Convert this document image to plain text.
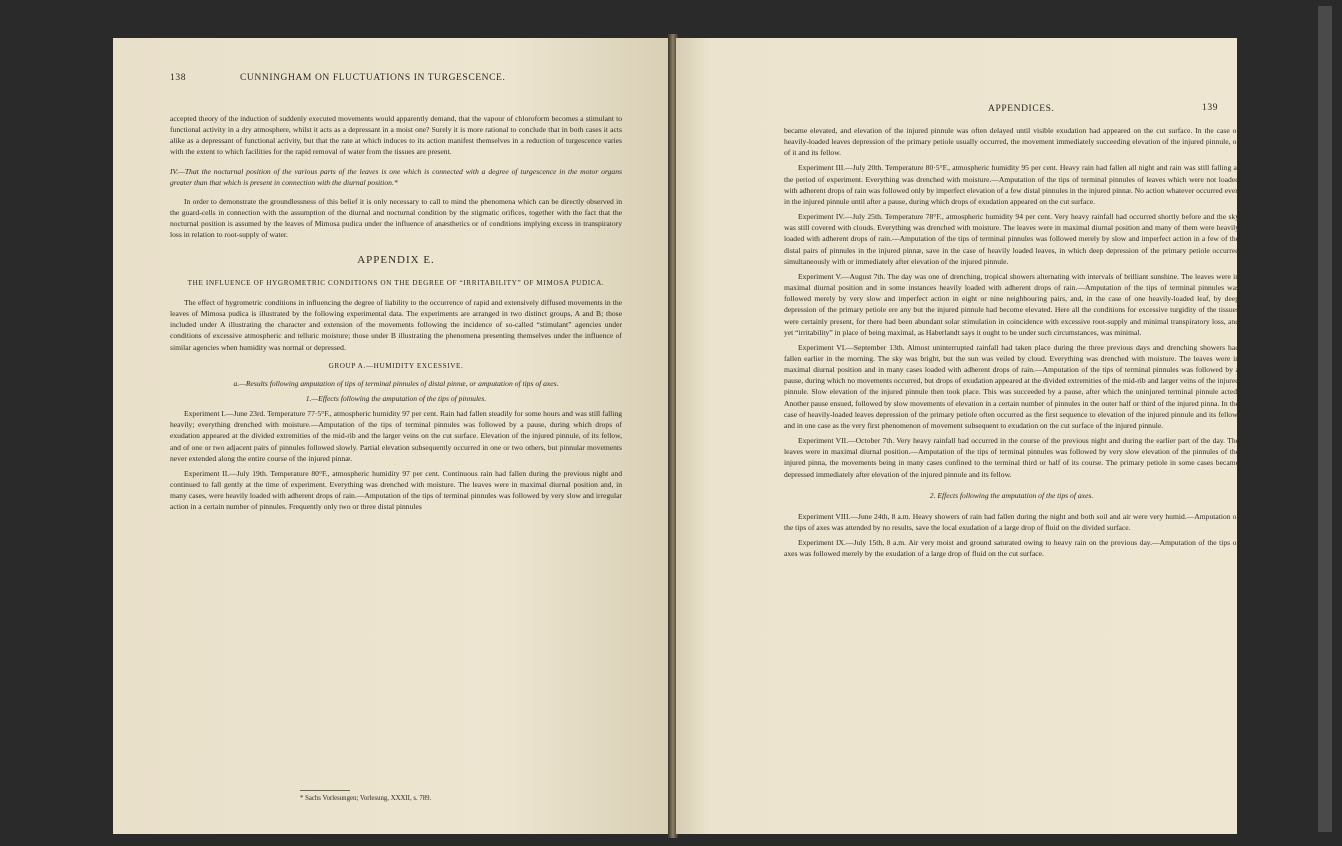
138	CUNNINGHAM ON FLUCTUATIONS IN TURGESCENCE.

accepted theory of the induction of suddenly executed movements would apparently demand, that the vapour of chloroform becomes a stimulant to functional activity in a dry atmosphere, whilst it acts as a depressant in a moist one? Surely it is more rational to conclude that in both cases it acts alike as a depressant of functional activity, but that the rate at which induces to its action manifest themselves in a reduction of turgescence varies with the extent to which facilities for the rapid removal of water from the tissues are present.

IV.—That the nocturnal position of the various parts of the leaves is one which is connected with a degree of turgescence in the motor organs greater than that which is present in connection with the diurnal position.*

In order to demonstrate the groundlessness of this belief it is only necessary to call to mind the phenomena which can be directly observed in the guard-cells in connection with the assumption of the diurnal and nocturnal condition by the stigmatic orifices, together with the fact that the nocturnal position is assumed by the leaves of Mimosa pudica under the influence of anæsthetics or of conditions implying excess in transpiratory loss in relation to root-supply of water.

APPENDIX E.
THE INFLUENCE OF HYGROMETRIC CONDITIONS ON THE DEGREE OF “IRRITABILITY” OF MIMOSA PUDICA.

The effect of hygrometric conditions in influencing the degree of liability to the occurrence of rapid and extensively diffused movements in the leaves of Mimosa pudica is illustrated by the following experimental data. The experiments are arranged in two distinct groups, A and B; those included under A illustrating the character and extension of the movements following the incidence of so-called “stimulant” agencies under conditions of excessive atmospheric and telluric moisture; those under B illustrating the phenomena presenting themselves under the influence of similar agencies when humidity was normal or depressed.

GROUP A.—HUMIDITY EXCESSIVE.

a.—Results following amputation of tips of terminal pinnules of distal pinnæ, or amputation of tips of axes.

1.—Effects following the amputation of the tips of pinnules.

Experiment I.—June 23rd. Temperature 77·5°F., atmospheric humidity 97 per cent. Rain had fallen steadily for some hours and was still falling heavily; everything drenched with moisture.—Amputation of the tips of terminal pinnules was followed by a pause, during which drops of exudation appeared at the divided extremities of the mid-rib and the larger veins on the cut surface. Elevation of the injured pinnule, of its fellow, and of one or two adjacent pairs of pinnules followed slowly. Partial elevation subsequently occurred in one or two others, but pinnular movements never extended along the entire course of the injured pinnæ.

Experiment II.—July 19th. Temperature 80°F., atmospheric humidity 97 per cent. Continuous rain had fallen during the previous night and continued to fall gently at the time of experiment. Everything was drenched with moisture. The leaves were in maximal diurnal position and, in many cases, were heavily loaded with adherent drops of rain.—Amputation of the tips of terminal pinnules was followed by very slow and irregular action in a certain number of pinnules. Frequently only two or three distal pinnules

* Sachs Vorlesungen; Vorlesung, XXXII, s. 789.
APPENDICES.	139

became elevated, and elevation of the injured pinnule was often delayed until visible exudation had appeared on the cut surface. In the case of heavily-loaded leaves depression of the primary petiole usually occurred, the movement immediately succeeding elevation of the injured pinnule, or of it and its fellow.

Experiment III.—July 20th. Temperature 80·5°F., atmospheric humidity 95 per cent. Heavy rain had fallen all night and rain was still falling at the period of experiment. Everything was drenched with moisture.—Amputation of the tips of terminal pinnules of leaves which were not loaded with adherent drops of rain was followed only by imperfect elevation of a few distal pinnules in the injured pinnæ. No action whatever occurred even in the injured pinnule until after a pause, during which drops of exudation appeared on the cut surface.

Experiment IV.—July 25th. Temperature 78°F., atmospheric humidity 94 per cent. Very heavy rainfall had occurred shortly before and the sky was still covered with clouds. Everything was drenched with moisture. The leaves were in maximal diurnal position and many of them were heavily loaded with adherent drops of rain.—Amputation of the tips of terminal pinnules was followed merely by slow and imperfect action in a few of the distal pairs of pinnules in the injured pinnæ, save in the case of heavily loaded leaves, in which deep depression of the primary petiole occurred simultaneously with or immediately after elevation of the injured pinnule.

Experiment V.—August 7th. The day was one of drenching, tropical showers alternating with intervals of brilliant sunshine. The leaves were in maximal diurnal position and in some instances heavily loaded with adherent drops of rain.—Amputation of the tips of terminal pinnules was followed merely by very slow and imperfect action in eight or nine neighbouring pairs, and, in the case of one heavily-loaded leaf, by deep depression of the primary petiole ere any but the injured pinnule had become elevated. Here all the conditions for excessive turgidity of the tissues were certainly present, for there had been abundant solar stimulation in coincidence with excessive root-supply and minimal transpiratory loss, and yet “irritability” in place of being maximal, as Haberlandt says it ought to be under such circumstances, was minimal.

Experiment VI.—September 13th. Almost uninterrupted rainfall had taken place during the three previous days and drenching showers had fallen earlier in the morning. The sky was bright, but the sun was veiled by cloud. Everything was drenched with moisture. The leaves were in maximal diurnal position and in many cases loaded with adherent drops of rain.—Amputation of the tips of terminal pinnules was followed by a pause, during which no movements occurred, but drops of exudation appeared at the divided extremities of the mid-rib and larger veins of the injured pinnule. Slow elevation of the injured pinnule then took place. This was succeeded by a pause, after which the uninjured terminal pinnule acted. Another pause ensued, followed by slow movements of elevation in a certain number of pinnules in the outer half or third of the injured pinna. In the case of heavily-loaded leaves depression of the primary petiole often occurred as the first sequence to elevation of the injured pinnule and its fellow, and in one case as the very first phenomenon of movement subsequent to exudation on the cut surface of the injured pinnule.

Experiment VII.—October 7th. Very heavy rainfall had occurred in the course of the previous night and during the earlier part of the day. The leaves were in maximal diurnal position.—Amputation of the tips of terminal pinnules was followed by very slow elevation of the pinnules of the injured pinna, the movements being in many cases confined to the terminal third or half of its course. The primary petiole in some cases became depressed immediately after elevation of the injured pinnule and its fellow.

2. Effects following the amputation of the tips of axes.

Experiment VIII.—June 24th, 8 a.m. Heavy showers of rain had fallen during the night and both soil and air were very humid.—Amputation of the tips of axes was attended by no results, save the local exudation of a large drop of fluid on the divided surface.

Experiment IX.—July 15th, 8 a.m. Air very moist and ground saturated owing to heavy rain on the previous day.—Amputation of the tips of axes was followed merely by the exudation of a large drop of fluid on the cut surface.
